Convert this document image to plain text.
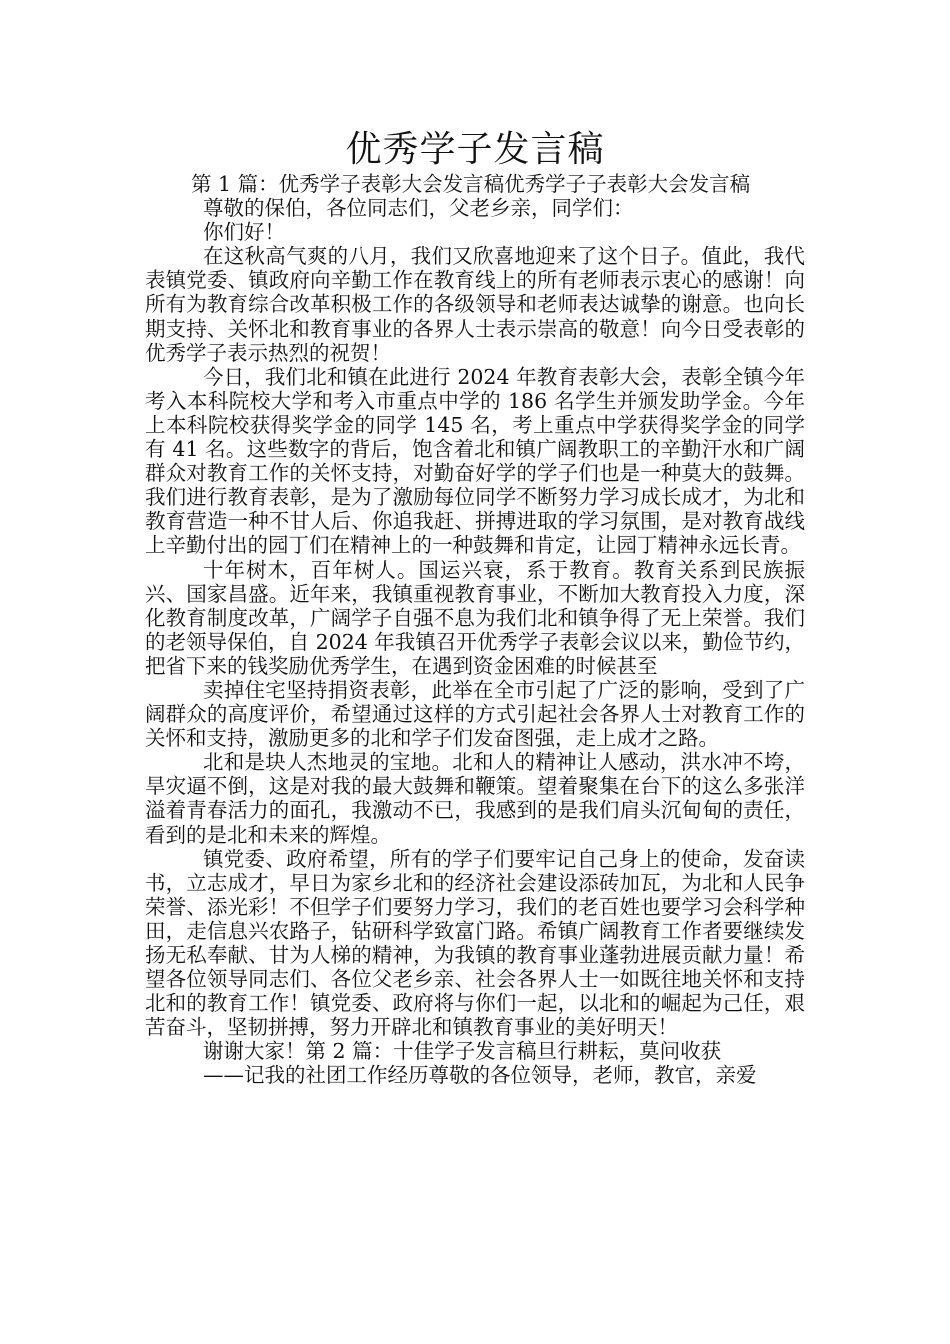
优秀学子发言稿

第 1 篇：优秀学子表彰大会发言稿优秀学子子表彰大会发言稿

尊敬的保伯，各位同志们，父老乡亲，同学们：

你们好！

在这秋高气爽的八月，我们又欣喜地迎来了这个日子。值此，我代表镇党委、镇政府向辛勤工作在教育线上的所有老师表示衷心的感谢！向所有为教育综合改革积极工作的各级领导和老师表达诚挚的谢意。也向长期支持、关怀北和教育事业的各界人士表示崇高的敬意！向今日受表彰的优秀学子表示热烈的祝贺！

今日，我们北和镇在此进行 2024 年教育表彰大会，表彰全镇今年考入本科院校大学和考入市重点中学的 186 名学生并颁发助学金。今年上本科院校获得奖学金的同学 145 名，考上重点中学获得奖学金的同学有 41 名。这些数字的背后，饱含着北和镇广阔教职工的辛勤汗水和广阔群众对教育工作的关怀支持，对勤奋好学的学子们也是一种莫大的鼓舞。我们进行教育表彰，是为了激励每位同学不断努力学习成长成才，为北和教育营造一种不甘人后、你追我赶、拼搏进取的学习氛围，是对教育战线上辛勤付出的园丁们在精神上的一种鼓舞和肯定，让园丁精神永远长青。

十年树木，百年树人。国运兴衰，系于教育。教育关系到民族振兴、国家昌盛。近年来，我镇重视教育事业，不断加大教育投入力度，深化教育制度改革，广阔学子自强不息为我们北和镇争得了无上荣誉。我们的老领导保伯，自 2024 年我镇召开优秀学子表彰会议以来，勤俭节约，把省下来的钱奖励优秀学生，在遇到资金困难的时候甚至

卖掉住宅坚持捐资表彰，此举在全市引起了广泛的影响，受到了广阔群众的高度评价，希望通过这样的方式引起社会各界人士对教育工作的关怀和支持，激励更多的北和学子们发奋图强，走上成才之路。

北和是块人杰地灵的宝地。北和人的精神让人感动，洪水冲不垮，旱灾逼不倒，这是对我的最大鼓舞和鞭策。望着聚集在台下的这么多张洋溢着青春活力的面孔，我激动不已，我感到的是我们肩头沉甸甸的责任，看到的是北和未来的辉煌。

镇党委、政府希望，所有的学子们要牢记自己身上的使命，发奋读书，立志成才，早日为家乡北和的经济社会建设添砖加瓦，为北和人民争荣誉、添光彩！不但学子们要努力学习，我们的老百姓也要学习会科学种田，走信息兴农路子，钻研科学致富门路。希镇广阔教育工作者要继续发扬无私奉献、甘为人梯的精神，为我镇的教育事业蓬勃进展贡献力量！希望各位领导同志们、各位父老乡亲、社会各界人士一如既往地关怀和支持北和的教育工作！镇党委、政府将与你们一起，以北和的崛起为己任，艰苦奋斗，坚韧拼搏，努力开辟北和镇教育事业的美好明天！

谢谢大家！第 2 篇：十佳学子发言稿旦行耕耘，莫问收获

——记我的社团工作经历尊敬的各位领导，老师，教官，亲爱
